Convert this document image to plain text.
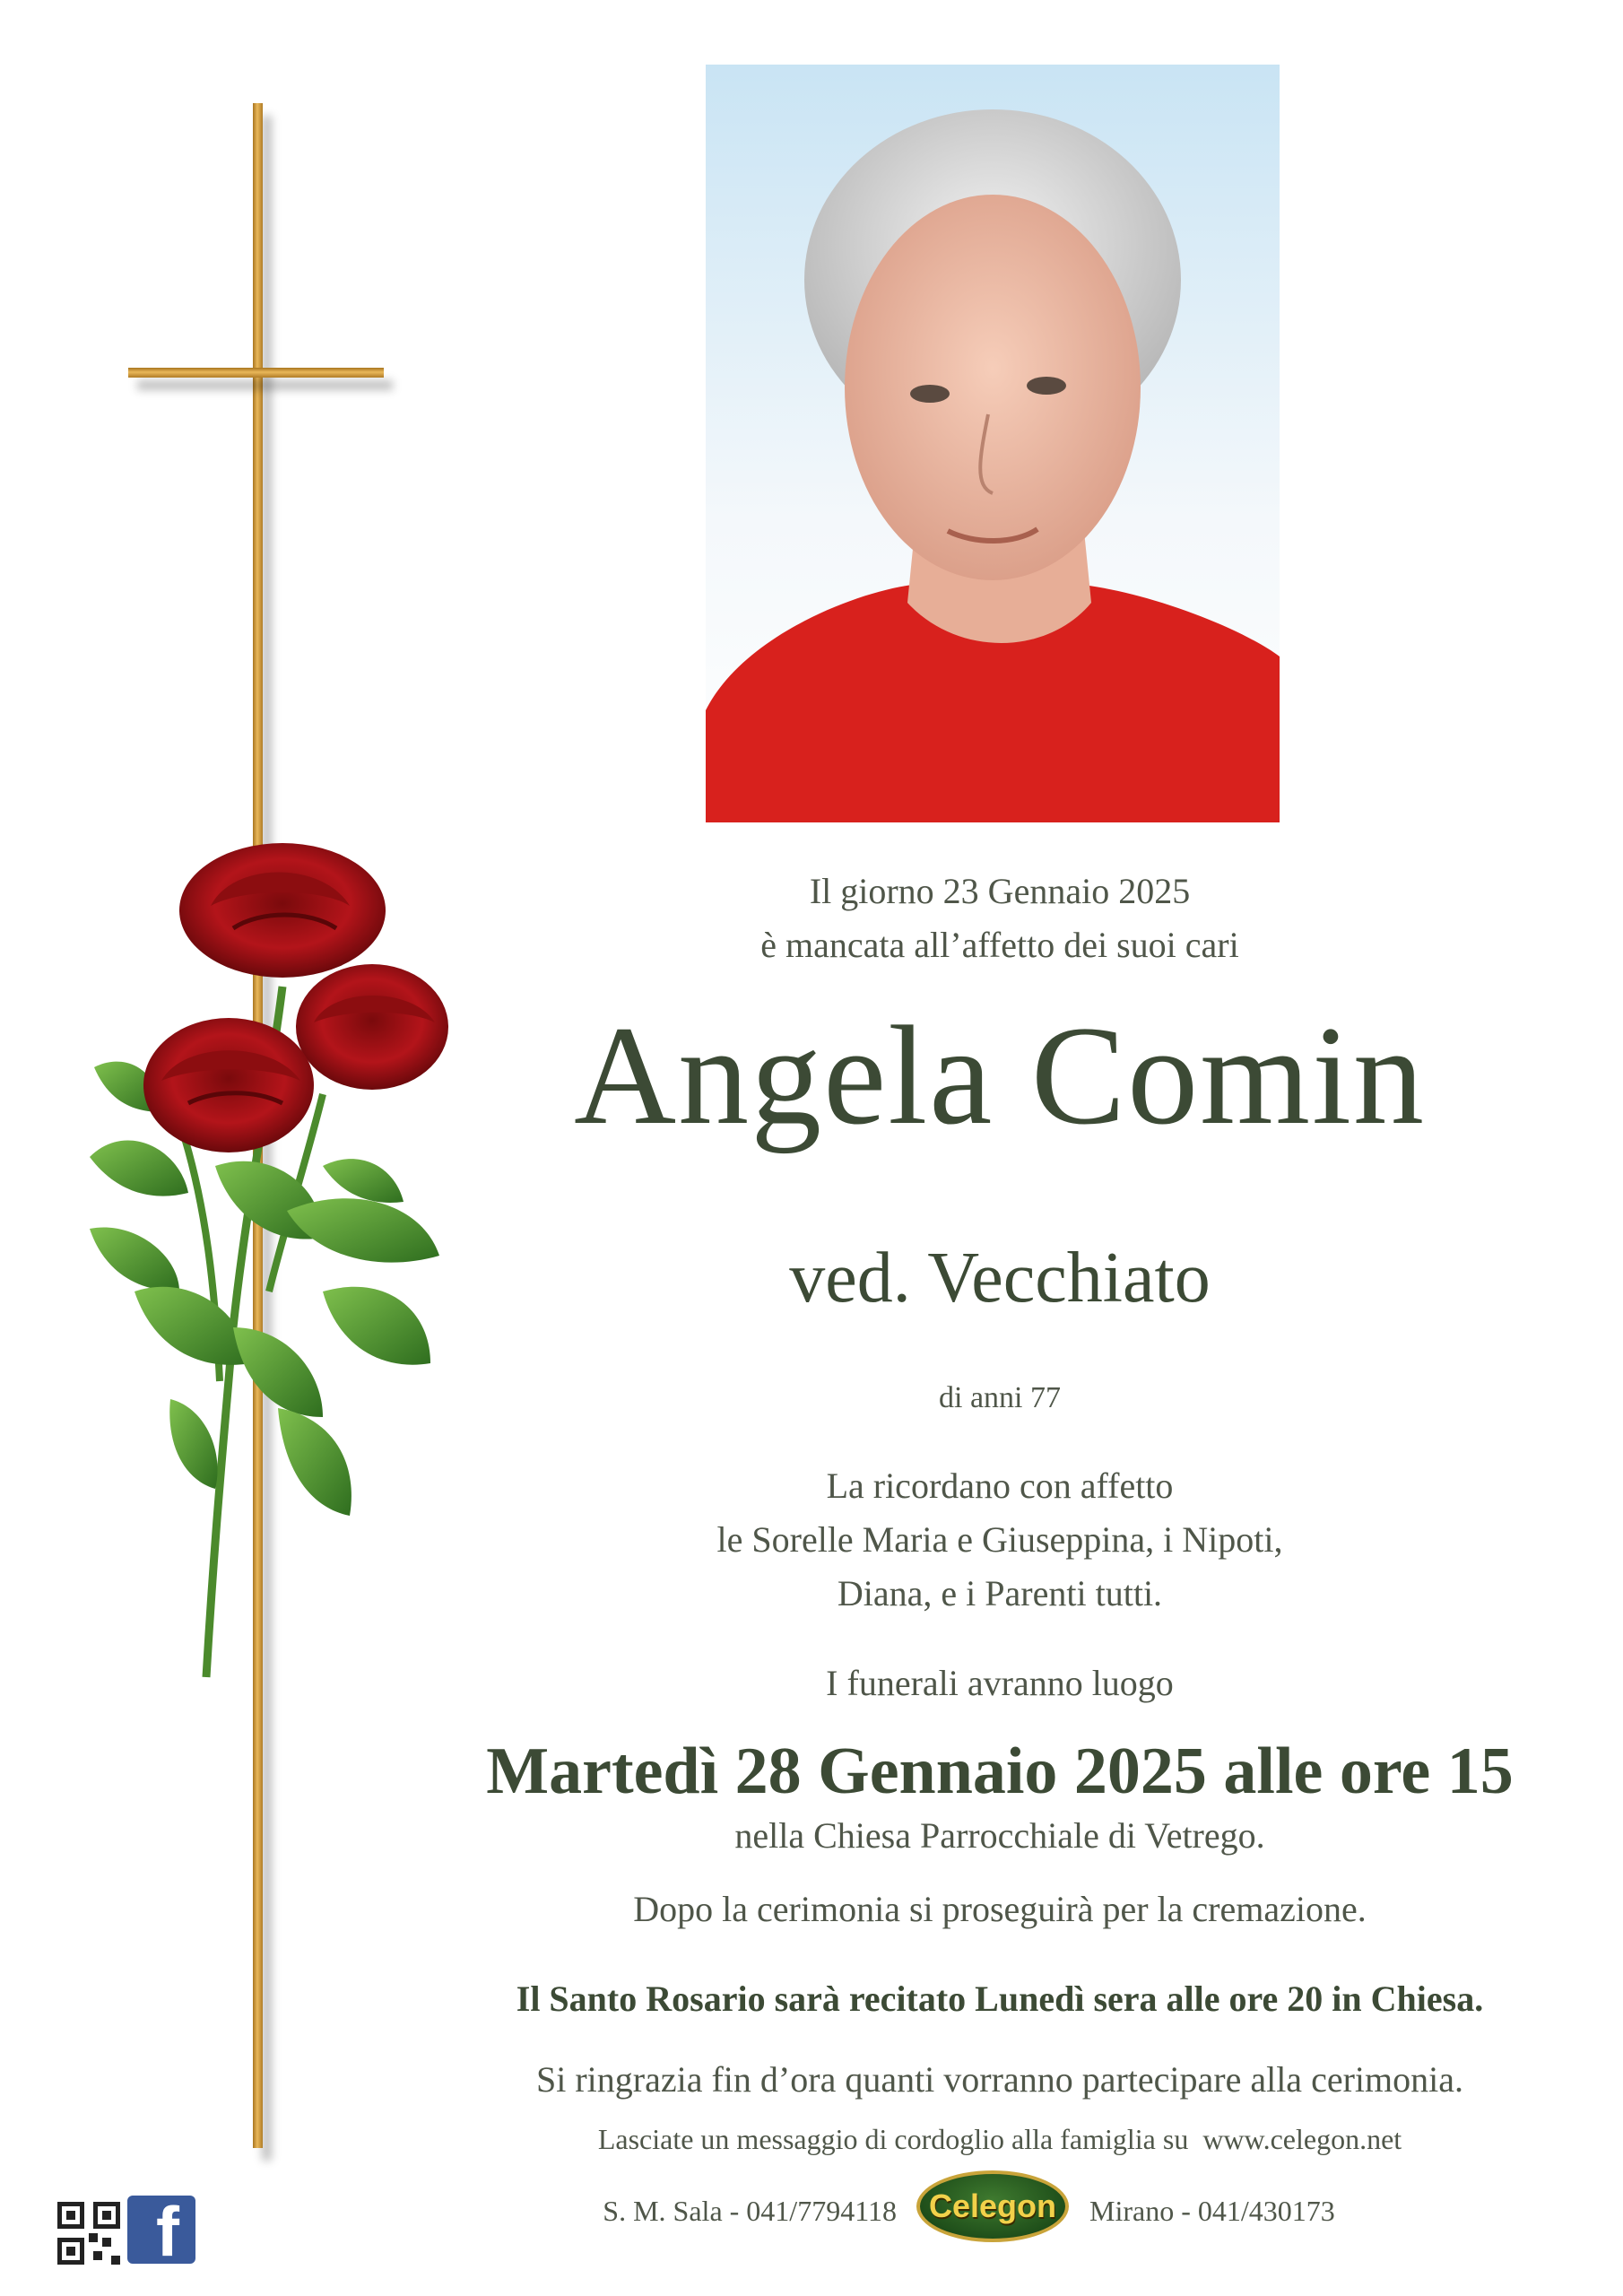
Il giorno 23 Gennaio 2025
è mancata all’affetto dei suoi cari
Angela Comin
ved. Vecchiato
di anni 77
La ricordano con affetto
le Sorelle Maria e Giuseppina, i Nipoti,
Diana, e i Parenti tutti.
I funerali avranno luogo
Martedì 28 Gennaio 2025 alle ore 15
nella Chiesa Parrocchiale di Vetrego.
Dopo la cerimonia si proseguirà per la cremazione.
Il Santo Rosario sarà recitato Lunedì sera alle ore 20 in Chiesa.
Si ringrazia fin d’ora quanti vorranno partecipare alla cerimonia.
Lasciate un messaggio di cordoglio alla famiglia su  www.celegon.net
S. M. Sala - 041/7794118 Celegon Mirano - 041/430173
f
